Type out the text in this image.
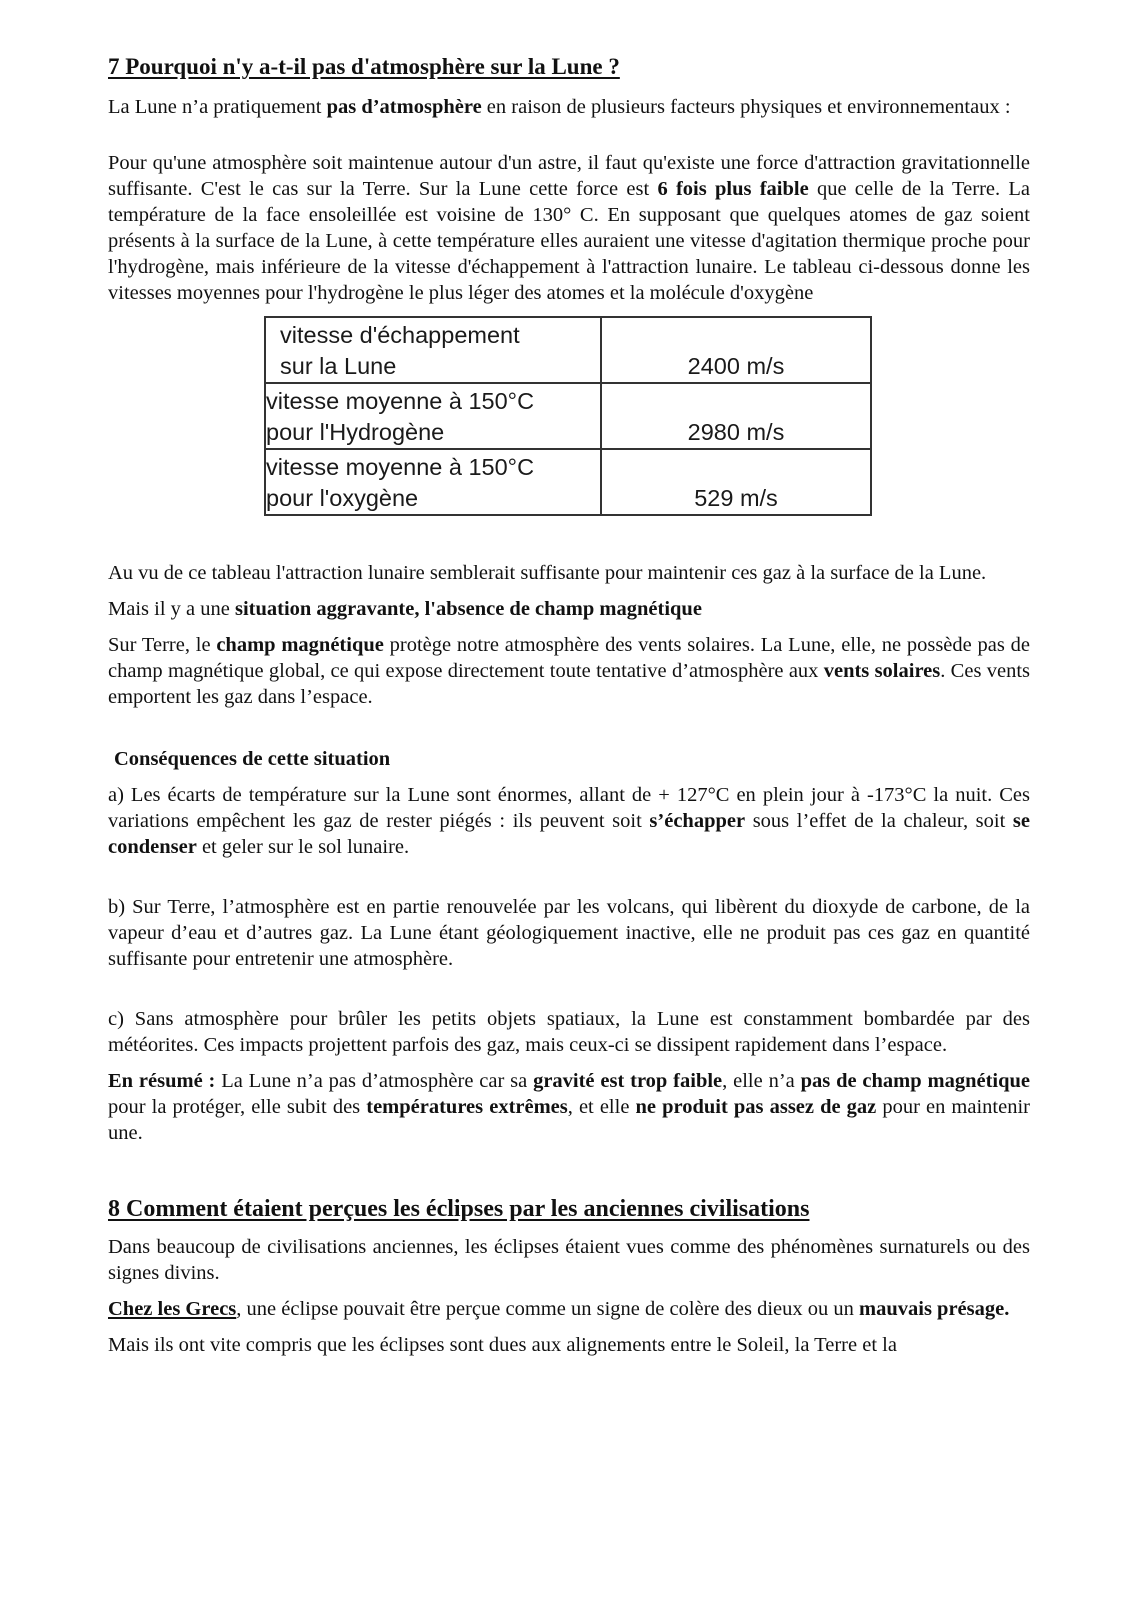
7 Pourquoi n'y a-t-il pas d'atmosphère sur la Lune ?

La Lune n’a pratiquement pas d’atmosphère en raison de plusieurs facteurs physiques et environnementaux :

Pour qu'une atmosphère soit maintenue autour d'un astre, il faut qu'existe une force d'attraction gravitationnelle suffisante. C'est le cas sur la Terre. Sur la Lune cette force est 6 fois plus faible que celle de la Terre. La température de la face ensoleillée est voisine de 130° C. En supposant que quelques atomes de gaz soient présents à la surface de la Lune, à cette température elles auraient une vitesse d'agitation thermique proche pour l'hydrogène, mais inférieure de la vitesse d'échappement à l'attraction lunaire. Le tableau ci-dessous donne les vitesses moyennes pour l'hydrogène le plus léger des atomes et la molécule d'oxygène

vitesse d'échappement
sur la Lune	2400 m/s
vitesse moyenne à 150°C
pour l'Hydrogène	2980 m/s
vitesse moyenne à 150°C
pour l'oxygène	529 m/s

Au vu de ce tableau l'attraction lunaire semblerait suffisante pour maintenir ces gaz à la surface de la Lune.

Mais il y a une situation aggravante, l'absence de champ magnétique

Sur Terre, le champ magnétique protège notre atmosphère des vents solaires. La Lune, elle, ne possède pas de champ magnétique global, ce qui expose directement toute tentative d’atmosphère aux vents solaires. Ces vents emportent les gaz dans l’espace.

Conséquences de cette situation

a) Les écarts de température sur la Lune sont énormes, allant de + 127°C en plein jour à -173°C la nuit. Ces variations empêchent les gaz de rester piégés : ils peuvent soit s’échapper sous l’effet de la chaleur, soit se condenser et geler sur le sol lunaire.

b) Sur Terre, l’atmosphère est en partie renouvelée par les volcans, qui libèrent du dioxyde de carbone, de la vapeur d’eau et d’autres gaz. La Lune étant géologiquement inactive, elle ne produit pas ces gaz en quantité suffisante pour entretenir une atmosphère.

c) Sans atmosphère pour brûler les petits objets spatiaux, la Lune est constamment bombardée par des météorites. Ces impacts projettent parfois des gaz, mais ceux-ci se dissipent rapidement dans l’espace.

En résumé : La Lune n’a pas d’atmosphère car sa gravité est trop faible, elle n’a pas de champ magnétique pour la protéger, elle subit des températures extrêmes, et elle ne produit pas assez de gaz pour en maintenir une.

8 Comment étaient perçues les éclipses par les anciennes civilisations

Dans beaucoup de civilisations anciennes, les éclipses étaient vues comme des phénomènes surnaturels ou des signes divins.

Chez les Grecs, une éclipse pouvait être perçue comme un signe de colère des dieux ou un mauvais présage.

Mais ils ont vite compris que les éclipses sont dues aux alignements entre le Soleil, la Terre et la
